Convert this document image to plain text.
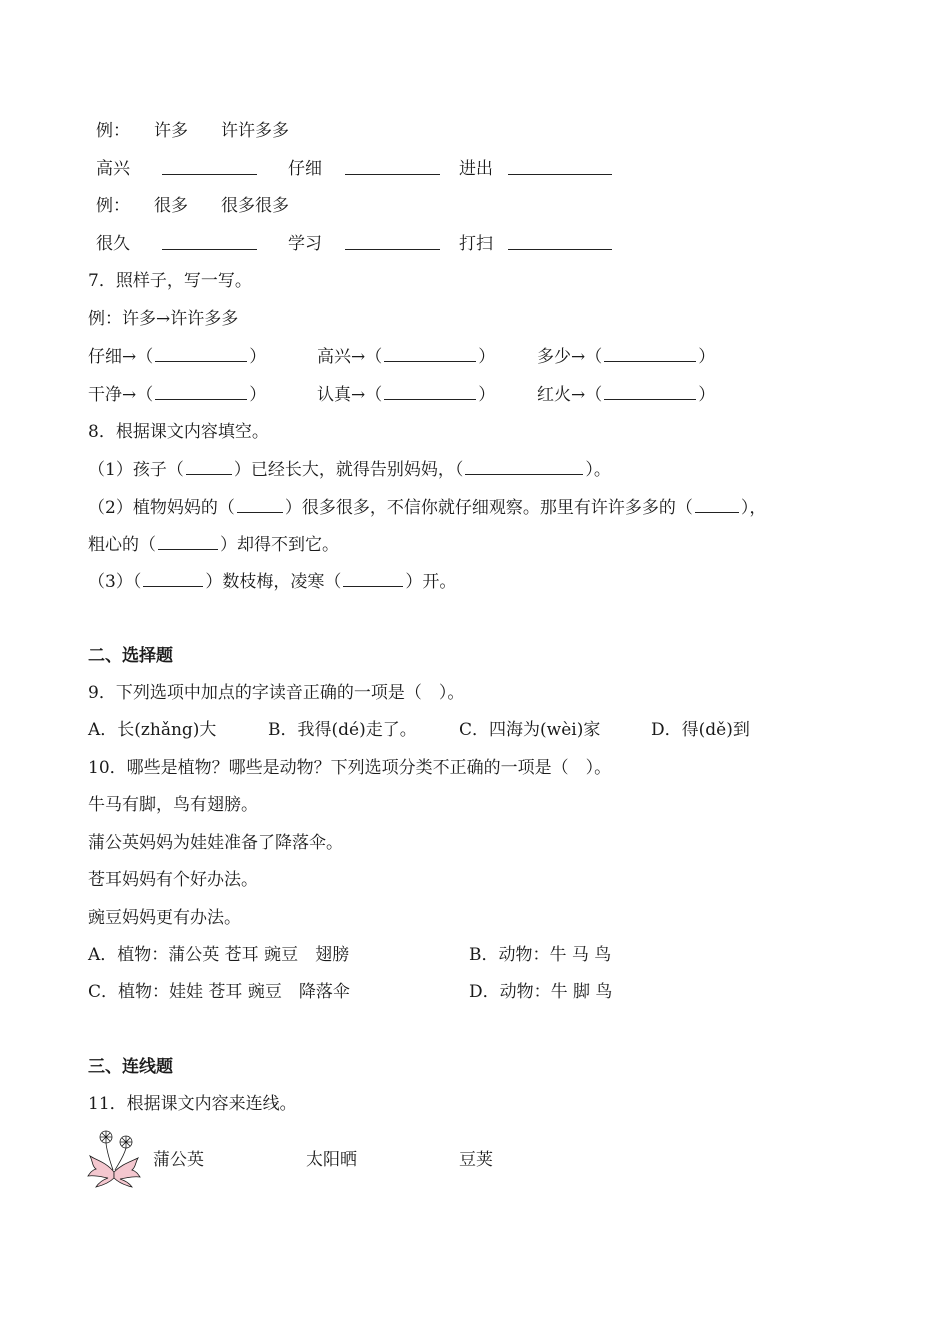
例： 许多 许许多多
高兴	仔细	进出
例： 很多 很多很多
很久	学习	打扫
7．照样子，写一写。
例：许多→许许多多
仔细→（	）	高兴→（	） 多少→（	）
干净→（	）	认真→（	） 红火→（	）
8．根据课文内容填空。
（1）孩子（	）已经长大，就得告别妈妈，（	）。
（2）植物妈妈的（	）很多很多，不信你就仔细观察。那里有许许多多的（	），
粗心的（	）却得不到它。
（3）（	）数枝梅，凌寒（	）开。
二、选择题
9．下列选项中加点的字读音正确的一项是（　）。
A．长(zhǎng)大	B．我得(dé)走了。 C．四海为(wèi)家	D．得(dě)到
10．哪些是植物？哪些是动物？下列选项分类不正确的一项是（　）。
牛马有脚，鸟有翅膀。
蒲公英妈妈为娃娃准备了降落伞。
苍耳妈妈有个好办法。
豌豆妈妈更有办法。
A．植物：蒲公英 苍耳 豌豆　翅膀	B．动物：牛 马 鸟
C．植物：娃娃 苍耳 豌豆　降落伞	D．动物：牛 脚 鸟
三、连线题
11．根据课文内容来连线。
蒲公英	太阳晒	豆荚
